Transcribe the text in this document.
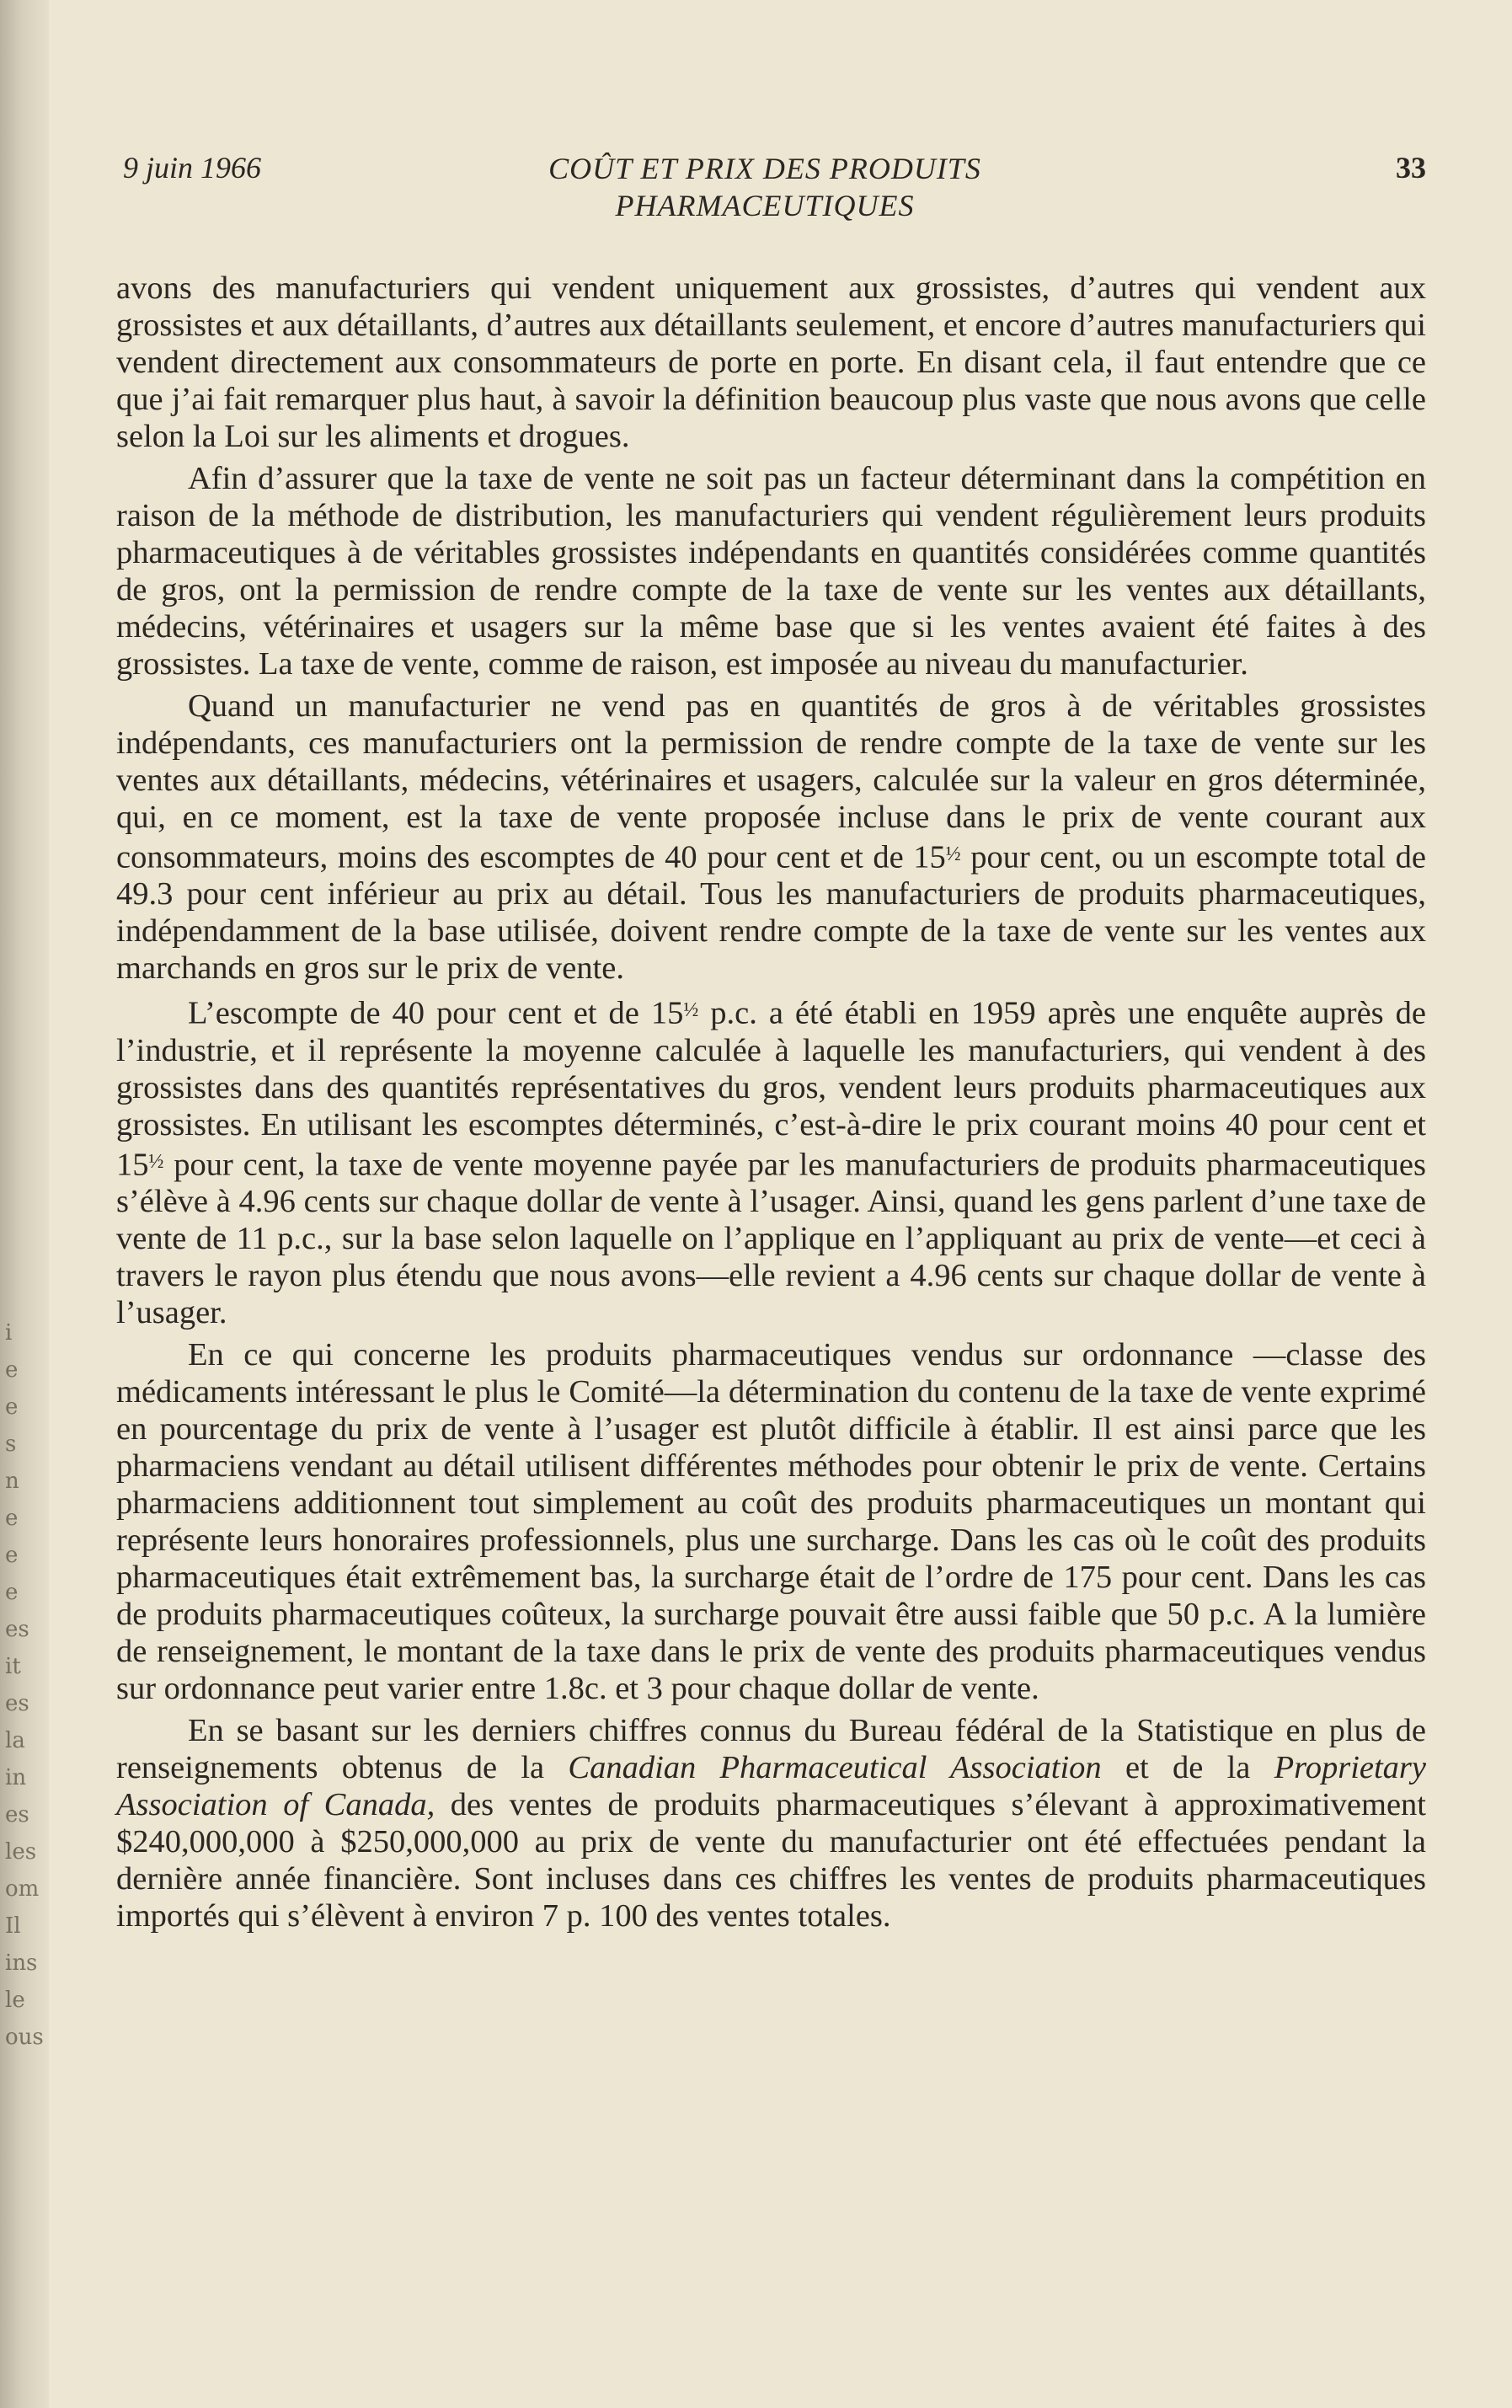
i
e
e
s
n
e
e
e
es
it
es
la
in
es
les
om
Il
ins
le
ous
9 juin 1966	COÛT ET PRIX DES PRODUITS
PHARMACEUTIQUES
33

avons des manufacturiers qui vendent uniquement aux grossistes, d’autres qui vendent aux grossistes et aux détaillants, d’autres aux détaillants seulement, et encore d’autres manufacturiers qui vendent directement aux consommateurs de porte en porte. En disant cela, il faut entendre que ce que j’ai fait remarquer plus haut, à savoir la définition beaucoup plus vaste que nous avons que celle selon la Loi sur les aliments et drogues.

Afin d’assurer que la taxe de vente ne soit pas un facteur déterminant dans la compétition en raison de la méthode de distribution, les manufacturiers qui vendent régulièrement leurs produits pharmaceutiques à de véritables grossistes indépendants en quantités considérées comme quantités de gros, ont la permission de rendre compte de la taxe de vente sur les ventes aux détaillants, médecins, vétérinaires et usagers sur la même base que si les ventes avaient été faites à des grossistes. La taxe de vente, comme de raison, est imposée au niveau du manufacturier.

Quand un manufacturier ne vend pas en quantités de gros à de véritables grossistes indépendants, ces manufacturiers ont la permission de rendre compte de la taxe de vente sur les ventes aux détaillants, médecins, vétérinaires et usagers, calculée sur la valeur en gros déterminée, qui, en ce moment, est la taxe de vente proposée incluse dans le prix de vente courant aux consommateurs, moins des escomptes de 40 pour cent et de $15^{\frac{1}{2}}$ pour cent, ou un escompte total de 49.3 pour cent inférieur au prix au détail. Tous les manufacturiers de produits pharmaceutiques, indépendamment de la base utilisée, doivent rendre compte de la taxe de vente sur les ventes aux marchands en gros sur le prix de vente.

L’escompte de 40 pour cent et de $15^{\frac{1}{2}}$ p.c. a été établi en 1959 après une enquête auprès de l’industrie, et il représente la moyenne calculée à laquelle les manufacturiers, qui vendent à des grossistes dans des quantités représentatives du gros, vendent leurs produits pharmaceutiques aux grossistes. En utilisant les escomptes déterminés, c’est-à-dire le prix courant moins 40 pour cent et $15^{\frac{1}{2}}$ pour cent, la taxe de vente moyenne payée par les manufacturiers de produits pharmaceutiques s’élève à 4.96 cents sur chaque dollar de vente à l’usager. Ainsi, quand les gens parlent d’une taxe de vente de 11 p.c., sur la base selon laquelle on l’applique en l’appliquant au prix de vente—et ceci à travers le rayon plus étendu que nous avons—elle revient a 4.96 cents sur chaque dollar de vente à l’usager.

En ce qui concerne les produits pharmaceutiques vendus sur ordonnance —classe des médicaments intéressant le plus le Comité—la détermination du contenu de la taxe de vente exprimé en pourcentage du prix de vente à l’usager est plutôt difficile à établir. Il est ainsi parce que les pharmaciens vendant au détail utilisent différentes méthodes pour obtenir le prix de vente. Certains pharmaciens additionnent tout simplement au coût des produits pharmaceutiques un montant qui représente leurs honoraires professionnels, plus une surcharge. Dans les cas où le coût des produits pharmaceutiques était extrêmement bas, la surcharge était de l’ordre de 175 pour cent. Dans les cas de produits pharmaceutiques coûteux, la surcharge pouvait être aussi faible que 50 p.c. A la lumière de renseignement, le montant de la taxe dans le prix de vente des produits pharmaceutiques vendus sur ordonnance peut varier entre 1.8c. et 3 pour chaque dollar de vente.

En se basant sur les derniers chiffres connus du Bureau fédéral de la Statistique en plus de renseignements obtenus de la Canadian Pharmaceutical Association et de la Proprietary Association of Canada, des ventes de produits pharmaceutiques s’élevant à approximativement $240,000,000 à $250,000,000 au prix de vente du manufacturier ont été effectuées pendant la dernière année financière. Sont incluses dans ces chiffres les ventes de produits pharmaceutiques importés qui s’élèvent à environ 7 p. 100 des ventes totales.
